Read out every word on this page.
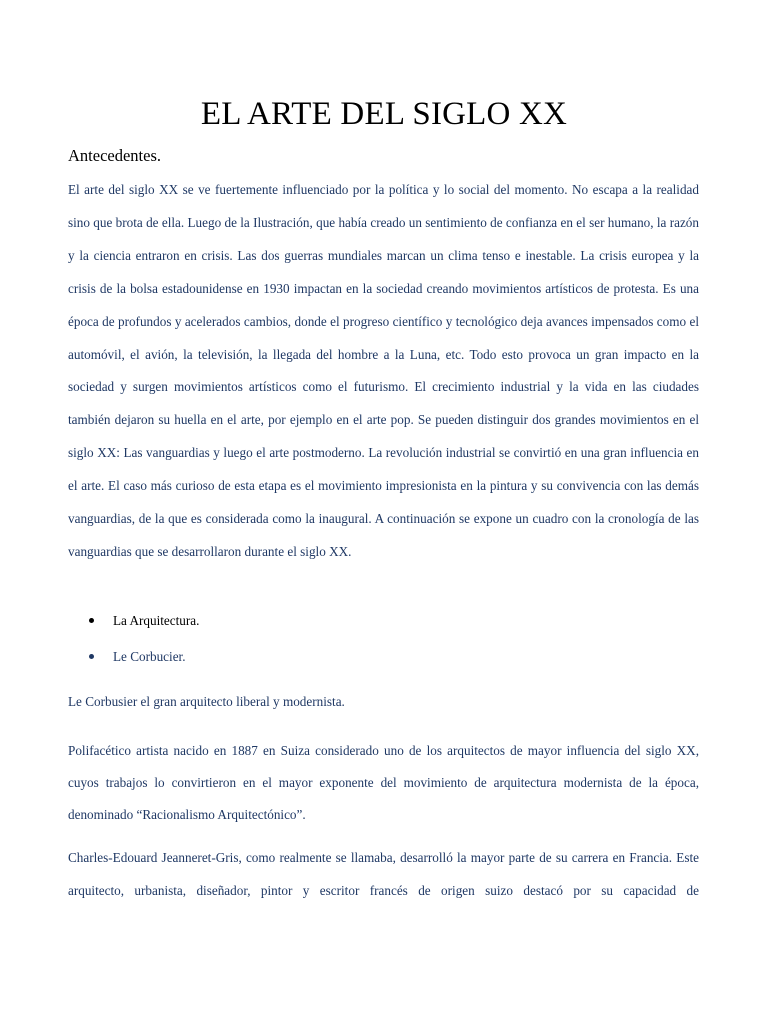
EL ARTE DEL SIGLO XX
Antecedentes.

El arte del siglo XX se ve fuertemente influenciado por la política y lo social del momento. No escapa a la realidad sino que brota de ella. Luego de la Ilustración, que había creado un sentimiento de confianza en el ser humano, la razón y la ciencia entraron en crisis. Las dos guerras mundiales marcan un clima tenso e inestable. La crisis europea y la crisis de la bolsa estadounidense en 1930 impactan en la sociedad creando movimientos artísticos de protesta. Es una época de profundos y acelerados cambios, donde el progreso científico y tecnológico deja avances impensados como el automóvil, el avión, la televisión, la llegada del hombre a la Luna, etc. Todo esto provoca un gran impacto en la sociedad y surgen movimientos artísticos como el futurismo. El crecimiento industrial y la vida en las ciudades también dejaron su huella en el arte, por ejemplo en el arte pop. Se pueden distinguir dos grandes movimientos en el siglo XX: Las vanguardias y luego el arte postmoderno. La revolución industrial se convirtió en una gran influencia en el arte. El caso más curioso de esta etapa es el movimiento impresionista en la pintura y su convivencia con las demás vanguardias, de la que es considerada como la inaugural. A continuación se expone un cuadro con la cronología de las vanguardias que se desarrollaron durante el siglo XX.

La Arquitectura.
Le Corbucier.

Le Corbusier el gran arquitecto liberal y modernista.

Polifacético artista nacido en 1887 en Suiza considerado uno de los arquitectos de mayor influencia del siglo XX, cuyos trabajos lo convirtieron en el mayor exponente del movimiento de arquitectura modernista de la época, denominado “Racionalismo Arquitectónico”.

Charles-Edouard Jeanneret-Gris, como realmente se llamaba, desarrolló la mayor parte de su carrera en Francia. Este arquitecto, urbanista, diseñador, pintor y escritor francés de origen suizo destacó por su capacidad de
